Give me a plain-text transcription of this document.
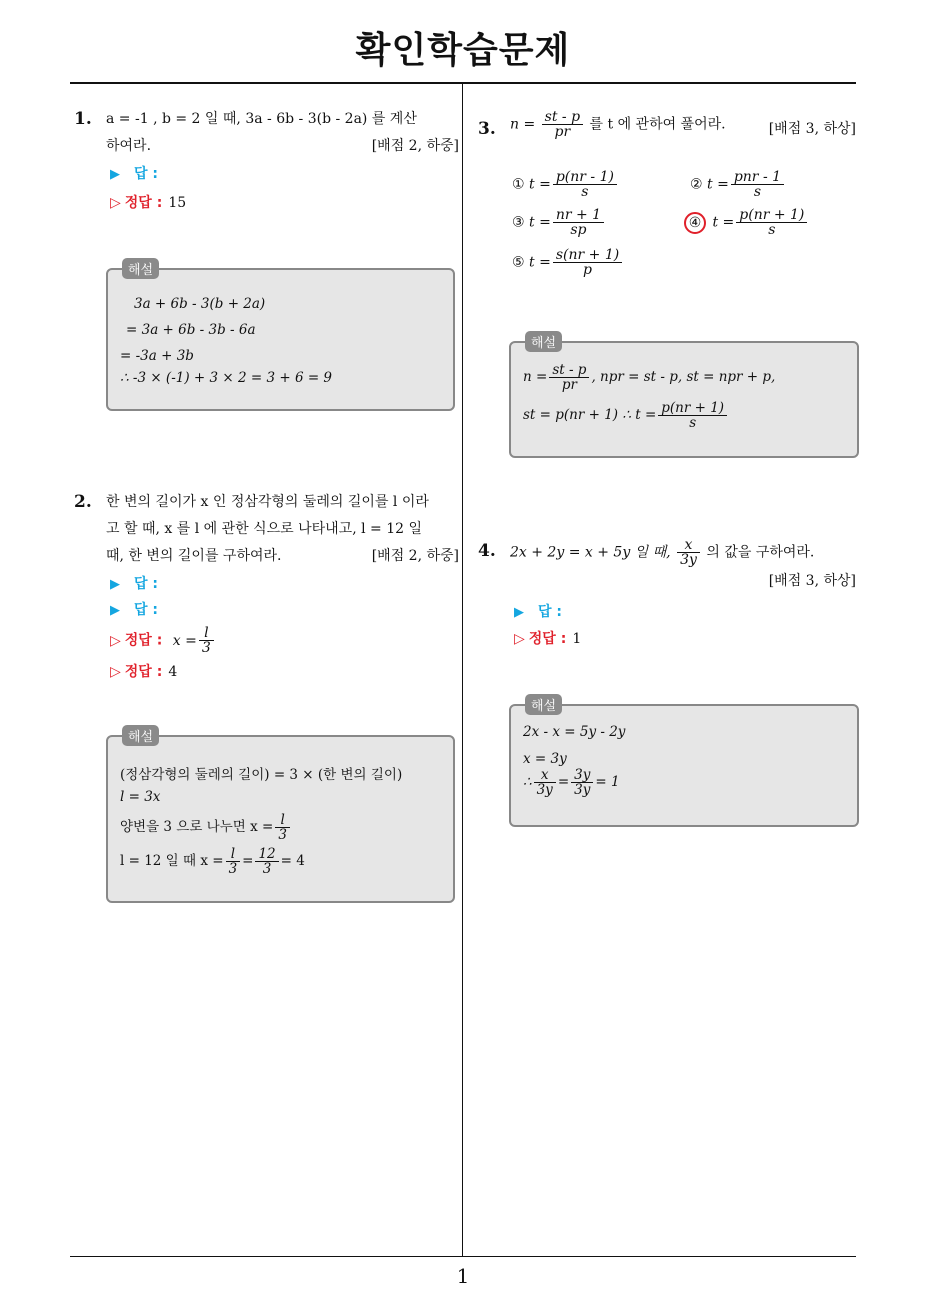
확인학습문제
1
1. a = -1 , b = 2 일 때, 3a - 6b - 3(b - 2a) 를 계산
하여라.	[배점 2, 하중]
▶ 답 :
▷ 정답 : 15
해설
3a + 6b - 3(b + 2a)
= 3a + 6b - 3b - 6a
= -3a + 3b
∴ -3 × (-1) + 3 × 2 = 3 + 6 = 9
2. 한 변의 길이가 x 인 정삼각형의 둘레의 길이를 l 이라
고 할 때, x 를 l 에 관한 식으로 나타내고, l = 12 일
때, 한 변의 길이를 구하여라.	[배점 2, 하중]
▶ 답 :
▶ 답 :
▷ 정답 : $x = \frac{l}{3}$
▷ 정답 : 4
해설
(정삼각형의 둘레의 길이) = 3 × (한 변의 길이)
l = 3x
양변을 3 으로 나누면 $x = \frac{l}{3}$
l = 12 일 때 $x = \frac{l}{3} = \frac{12}{3} = 4$
3. $n = \frac{st - p}{pr}$ 를 t 에 관하여 풀어라.	[배점 3, 하상]
① $t = \frac{p(nr - 1)}{s}$	② $t = \frac{\text{pnr - 1}}{s}$
③ $t = \frac{nr + 1}{sp}$	④ $t = \frac{p(nr + 1)}{s}$
⑤ $t = \frac{s(nr + 1)}{p}$
해설
$n = \frac{st - p}{pr}$ , npr = st - p, st = npr + p,
st = p(nr + 1) ∴ $t = \frac{p(nr + 1)}{s}$
4. 2x + 2y = x + 5y 일 때, $\frac{x}{3y}$ 의 값을 구하여라.
[배점 3, 하상]
▶ 답 :
▷ 정답 : 1
해설
2x - x = 5y - 2y
x = 3y
∴ $\frac{x}{3y} = \frac{3y}{3y} = 1$
